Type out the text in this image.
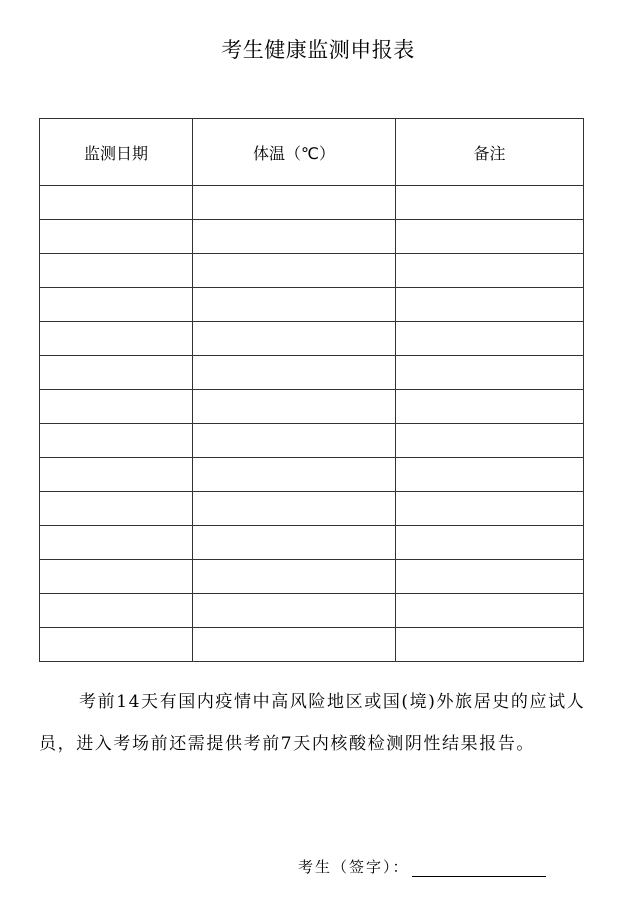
考生健康监测申报表
监测日期	体温（℃）	备注

考前14天有国内疫情中高风险地区或国(境)外旅居史的应试人员，进入考场前还需提供考前7天内核酸检测阴性结果报告。
考生（签字）：
